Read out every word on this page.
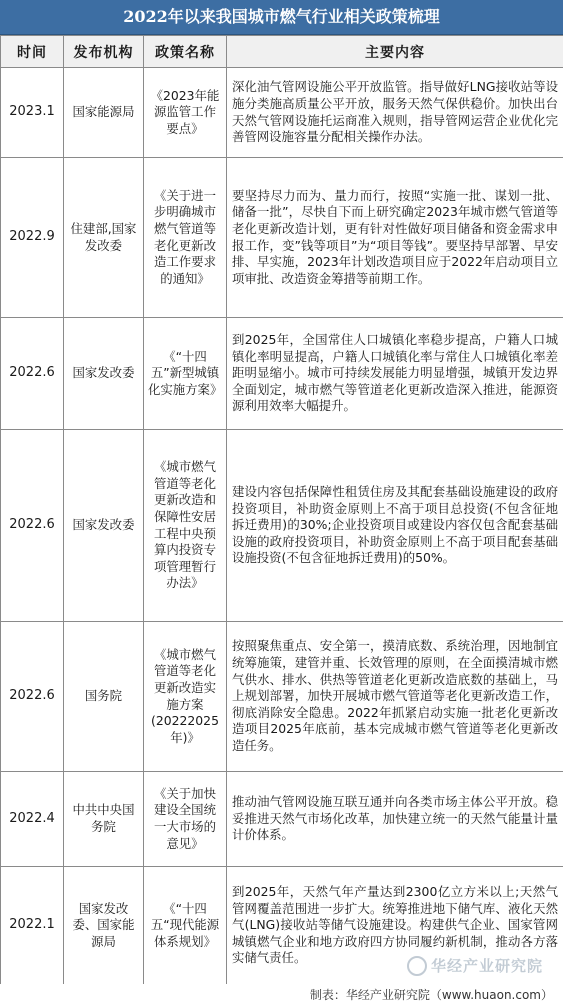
2022年以来我国城市燃气行业相关政策梳理
时间	发布机构	政策名称	主要内容
2023.1	国家能源局	《2023年能源监管工作要点》	深化油气管网设施公平开放监管。指导做好LNG接收站等设施分类施高质量公平开放，服务天然气保供稳价。加快出台天然气管网设施托运商准入规则，指导管网运营企业优化完善管网设施容量分配相关操作办法。
2022.9	住建部,国家发改委	《关于进一步明确城市燃气管道等老化更新改造工作要求的通知》	要坚持尽力而为、量力而行，按照“实施一批、谋划一批、储备一批”，尽快自下而上研究确定2023年城市燃气管道等老化更新改造计划，更有针对性做好项目储备和资金需求申报工作，变”钱等项目”为“项目等钱”。要坚持早部署、早安排、早实施，2023年计划改造项目应于2022年启动项目立项审批、改造资金筹措等前期工作。
2022.6	国家发改委	《“十四五”新型城镇化实施方案》	到2025年，全国常住人口城镇化率稳步提高，户籍人口城镇化率明显提高，户籍人口城镇化率与常住人口城镇化率差距明显缩小。城市可持续发展能力明显增强，城镇开发边界全面划定，城市燃气等管道老化更新改造深入推进，能源资源利用效率大幅提升。
2022.6	国家发改委	《城市燃气管道等老化更新改造和保障性安居工程中央预算内投资专项管理暂行办法》	建设内容包括保障性租赁住房及其配套基础设施建设的政府投资项目，补助资金原则上不高于项目总投资(不包含征地拆迁费用)的30%;企业投资项目或建设内容仅包含配套基础设施的政府投资项目，补助资金原则上不高于项目配套基础设施投资(不包含征地拆迁费用)的50%。
2022.6	国务院	《城市燃气管道等老化更新改造实施方案(20222025年)》	按照聚焦重点、安全第一，摸清底数、系统治理，因地制宜统筹施策，建管并重、长效管理的原则，在全面摸清城市燃气供水、排水、供热等管道老化更新改造底数的基础上，马上规划部署，加快开展城市燃气管道等老化更新改造工作，彻底消除安全隐患。2022年抓紧启动实施一批老化更新改造项目2025年底前，基本完成城市燃气管道等老化更新改造任务。
2022.4	中共中央国务院	《关于加快建设全国统一大市场的意见》	推动油气管网设施互联互通并向各类市场主体公平开放。稳妥推进天然气市场化改革，加快建立统一的天然气能量计量计价体系。
2022.1	国家发改委、国家能源局	《“十四五“现代能源体系规划》	到2025年，天然气年产量达到2300亿立方米以上;天然气管网覆盖范围进一步扩大。统筹推进地下储气库、液化天然气(LNG)接收站等储气设施建设。构建供气企业、国家管网城镇燃气企业和地方政府四方协同履约新机制，推动各方落实储气责任。	华经产业研究院
制表：华经产业研究院（www.huaon.com）
